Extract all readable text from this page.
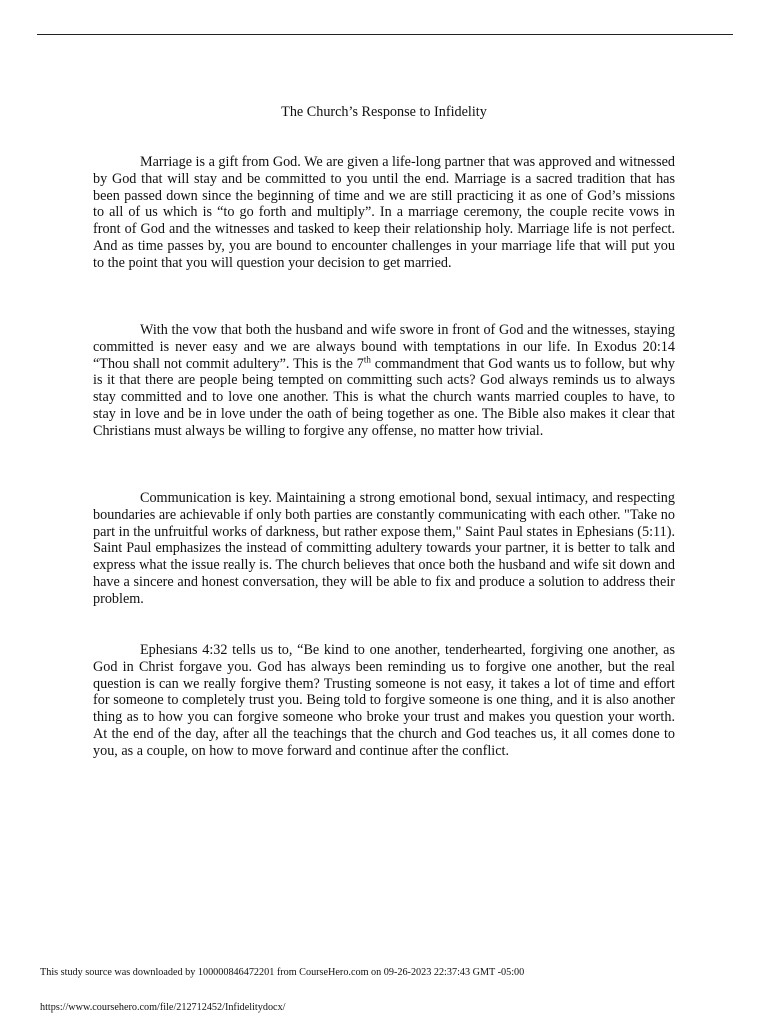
The Church’s Response to Infidelity

Marriage is a gift from God. We are given a life-long partner that was approved and witnessed by God that will stay and be committed to you until the end. Marriage is a sacred tradition that has been passed down since the beginning of time and we are still practicing it as one of God’s missions to all of us which is “to go forth and multiply”. In a marriage ceremony, the couple recite vows in front of God and the witnesses and tasked to keep their relationship holy. Marriage life is not perfect. And as time passes by, you are bound to encounter challenges in your marriage life that will put you to the point that you will question your decision to get married.

With the vow that both the husband and wife swore in front of God and the witnesses, staying committed is never easy and we are always bound with temptations in our life. In Exodus 20:14 “Thou shall not commit adultery”. This is the 7th commandment that God wants us to follow, but why is it that there are people being tempted on committing such acts? God always reminds us to always stay committed and to love one another. This is what the church wants married couples to have, to stay in love and be in love under the oath of being together as one. The Bible also makes it clear that Christians must always be willing to forgive any offense, no matter how trivial.

Communication is key. Maintaining a strong emotional bond, sexual intimacy, and respecting boundaries are achievable if only both parties are constantly communicating with each other. "Take no part in the unfruitful works of darkness, but rather expose them," Saint Paul states in Ephesians (5:11). Saint Paul emphasizes the instead of committing adultery towards your partner, it is better to talk and express what the issue really is. The church believes that once both the husband and wife sit down and have a sincere and honest conversation, they will be able to fix and produce a solution to address their problem.

Ephesians 4:32 tells us to, “Be kind to one another, tenderhearted, forgiving one another, as God in Christ forgave you. God has always been reminding us to forgive one another, but the real question is can we really forgive them? Trusting someone is not easy, it takes a lot of time and effort for someone to completely trust you. Being told to forgive someone is one thing, and it is also another thing as to how you can forgive someone who broke your trust and makes you question your worth. At the end of the day, after all the teachings that the church and God teaches us, it all comes done to you, as a couple, on how to move forward and continue after the conflict.

This study source was downloaded by 100000846472201 from CourseHero.com on 09-26-2023 22:37:43 GMT -05:00
https://www.coursehero.com/file/212712452/Infidelitydocx/
